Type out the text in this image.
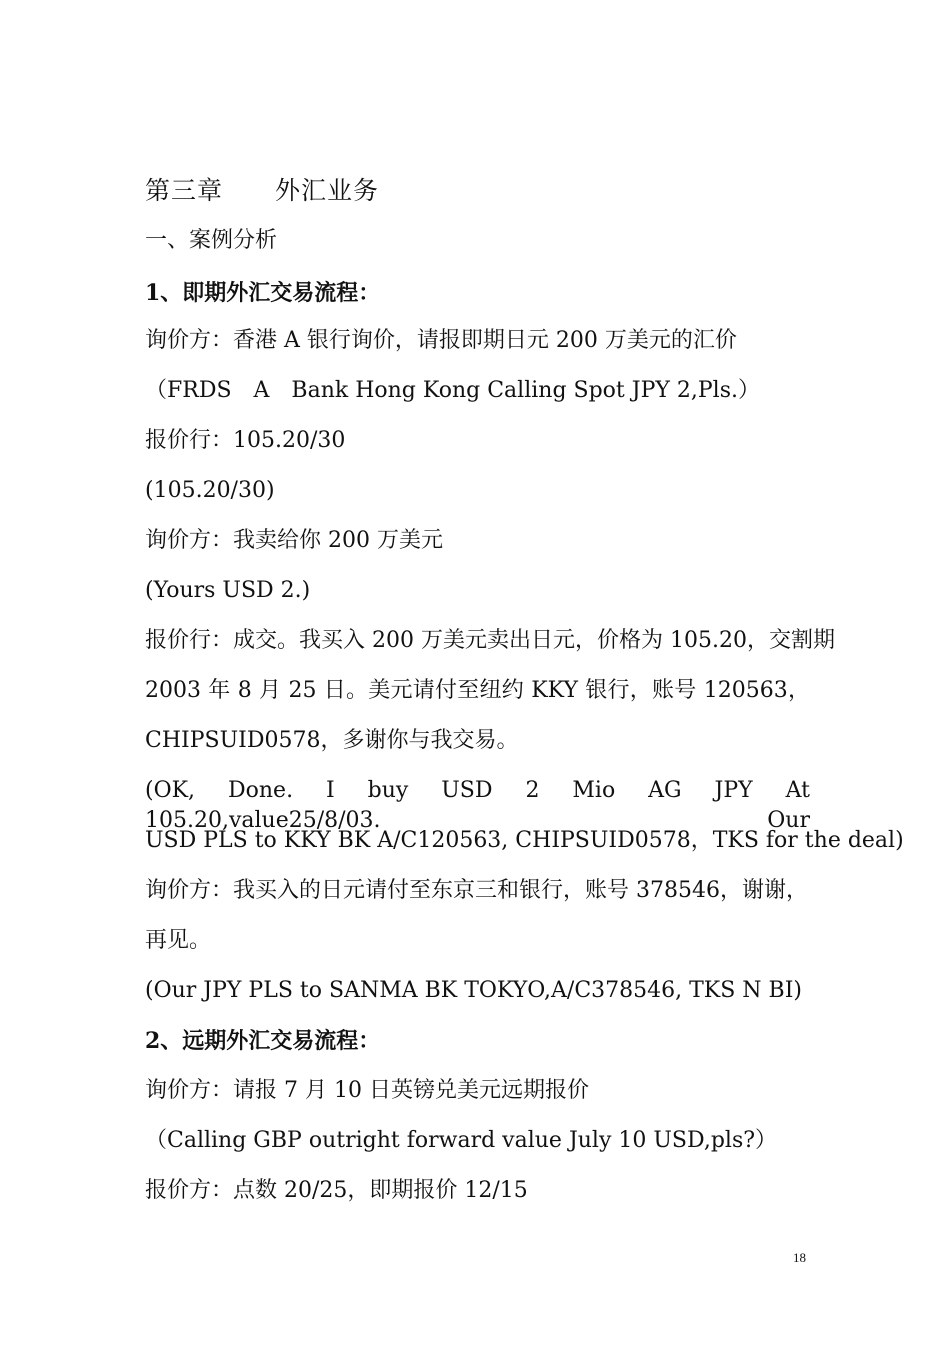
第三章 外汇业务
一、案例分析
1、即期外汇交易流程：
询价方：香港 A 银行询价，请报即期日元 200 万美元的汇价
（FRDS　A　Bank Hong Kong Calling Spot JPY 2,Pls.）
报价行：105.20/30
(105.20/30)
询价方：我卖给你 200 万美元
(Yours USD 2.)
报价行：成交。我买入 200 万美元卖出日元，价格为 105.20，交割期
2003 年 8 月 25 日。美元请付至纽约 KKY 银行，账号 120563，
CHIPSUID0578，多谢你与我交易。
(OK, Done. I buy USD 2 Mio AG JPY At 105.20,value25/8/03.　Our
USD PLS to KKY BK A/C120563, CHIPSUID0578，TKS for the deal)
询价方：我买入的日元请付至东京三和银行，账号 378546，谢谢，
再见。
(Our JPY PLS to SANMA BK TOKYO,A/C378546, TKS N BI)
2、远期外汇交易流程：
询价方：请报 7 月 10 日英镑兑美元远期报价
（Calling GBP outright forward value July 10 USD,pls?）
报价方：点数 20/25，即期报价 12/15
18
